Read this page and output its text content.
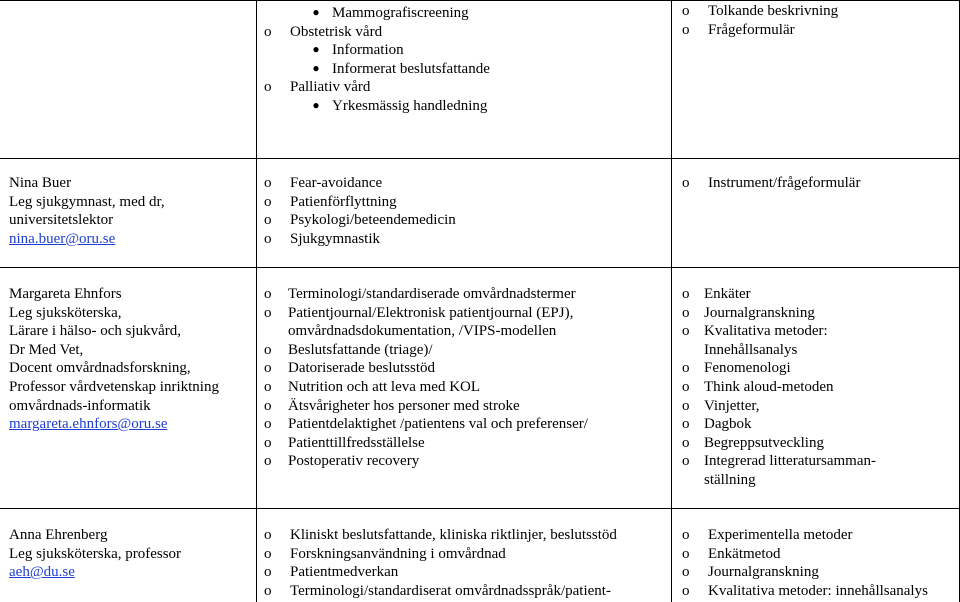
● Mammografiscreening
o Obstetrisk vård
● Information
● Informerat beslutsfattande
o Palliativ vård
● Yrkesmässig handledning
o Tolkande beskrivning
o Frågeformulär
Nina Buer
Leg sjukgymnast, med dr,
universitetslektor
nina.buer@oru.se
o Fear-avoidance
o Patienförflyttning
o Psykologi/beteendemedicin
o Sjukgymnastik
o Instrument/frågeformulär
Margareta Ehnfors
Leg sjuksköterska,
Lärare i hälso- och sjukvård,
Dr Med Vet,
Docent omvårdnadsforskning,
Professor vårdvetenskap inriktning
omvårdnads-informatik
margareta.ehnfors@oru.se
o Terminologi/standardiserade omvårdnadstermer
o Patientjournal/Elektronisk patientjournal (EPJ),
omvårdnadsdokumentation, /VIPS-modellen
o Beslutsfattande (triage)/
o Datoriserade beslutsstöd
o Nutrition och att leva med KOL
o Ätsvårigheter hos personer med stroke
o Patientdelaktighet /patientens val och preferenser/
o Patienttillfredsställelse
o Postoperativ recovery
o Enkäter
o Journalgranskning
o Kvalitativa metoder:
Innehållsanalys
o Fenomenologi
o Think aloud-metoden
o Vinjetter,
o Dagbok
o Begreppsutveckling
o Integrerad litteratursamman-
ställning
Anna Ehrenberg
Leg sjuksköterska, professor
aeh@du.se
o Kliniskt beslutsfattande, kliniska riktlinjer, beslutsstöd
o Forskningsanvändning i omvårdnad
o Patientmedverkan
o Terminologi/standardiserat omvårdnadsspråk/patient-
o Experimentella metoder
o Enkätmetod
o Journalgranskning
o Kvalitativa metoder: innehållsanalys
